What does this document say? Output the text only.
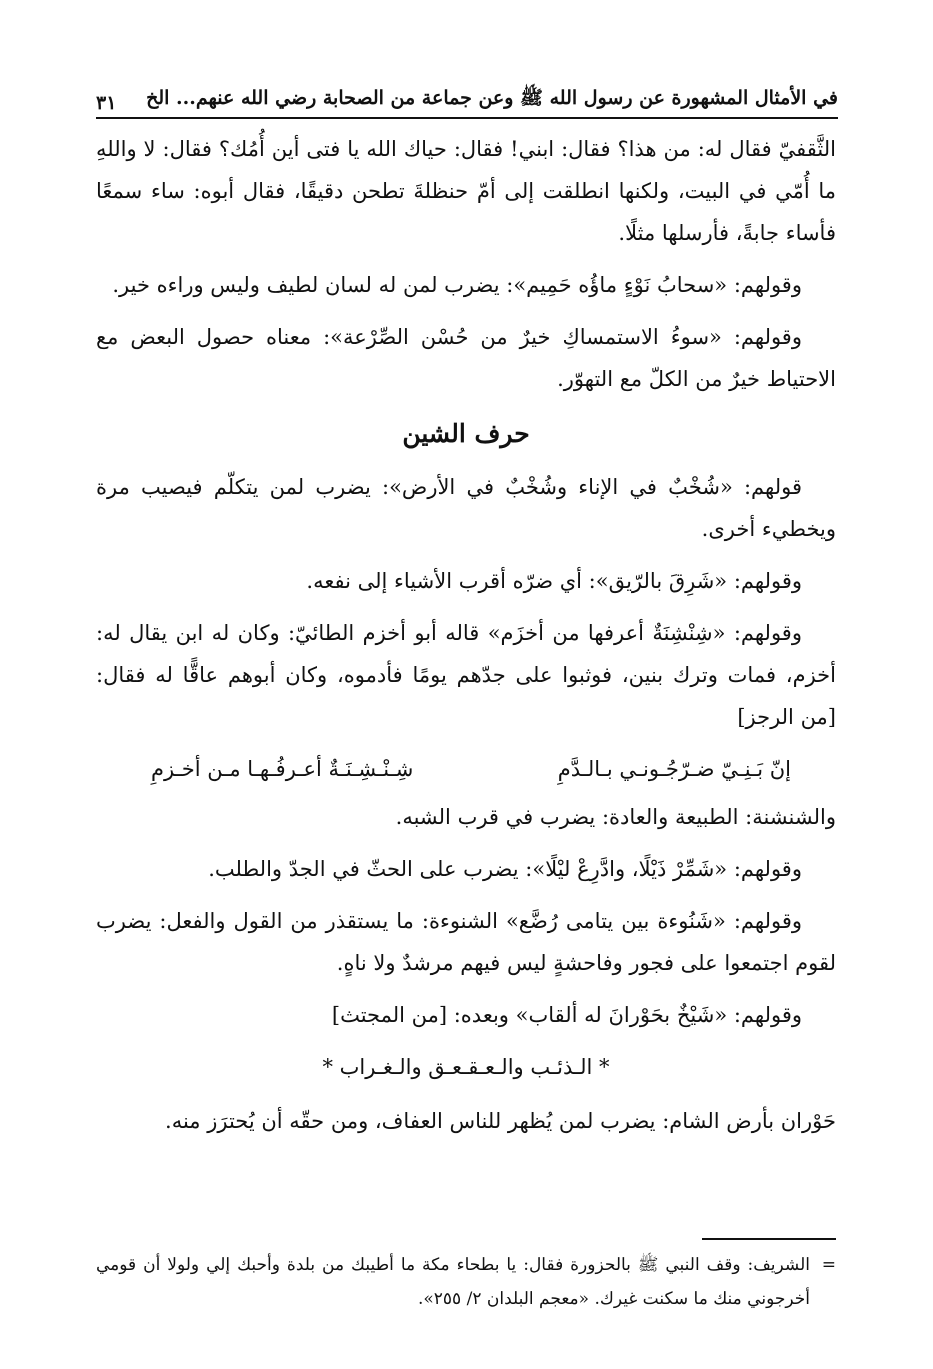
في الأمثال المشهورة عن رسول الله ﷺ وعن جماعة من الصحابة رضي الله عنهم... الخ
٣١

الثَّقفيّ فقال له: من هذا؟ فقال: ابني! فقال: حياك الله يا فتى أين أُمُك؟ فقال: لا واللهِ ما أُمّي في البيت، ولكنها انطلقت إلى أمّ حنظلةَ تطحن دقيقًا، فقال أبوه: ساء سمعًا فأساء جابةً، فأرسلها مثلًا.

وقولهم: «سحابُ نَوْءٍ ماؤُه حَمِيم»: يضرب لمن له لسان لطيف وليس وراءه خير.

وقولهم: «سوءُ الاستمساكِ خيرٌ من حُسْن الصِّرْعة»: معناه حصول البعض مع الاحتياط خيرٌ من الكلّ مع التهوّر.

حرف الشين

قولهم: «شُخْبٌ في الإناء وشُخْبٌ في الأرض»: يضرب لمن يتكلّم فيصيب مرة ويخطيء أخرى.

وقولهم: «شَرِقَ بالرّيق»: أي ضرّه أقرب الأشياء إلى نفعه.

وقولهم: «شِنْشِنَةٌ أعرفها من أخزَم» قاله أبو أخزم الطائيّ: وكان له ابن يقال له: أخزم، فمات وترك بنين، فوثبوا على جدّهم يومًا فأدموه، وكان أبوهم عاقًّا له فقال: [من الرجز]

إنّ بَـنِـيّ ضـرّجُـونـي بـالـدَّمِ
شِـنْـشِـنَـةٌ أعـرفُـهـا مـن أخـزمِ

والشنشنة: الطبيعة والعادة: يضرب في قرب الشبه.

وقولهم: «شَمِّرْ ذَيْلًا، وادَّرِعْ ليْلًا»: يضرب على الحثّ في الجدّ والطلب.

وقولهم: «شَنُوءة بين يتامى رُضَّع» الشنوءة: ما يستقذر من القول والفعل: يضرب لقوم اجتمعوا على فجور وفاحشةٍ ليس فيهم مرشدٌ ولا ناهٍ.

وقولهم: «شَيْخٌ بحَوْرانَ له ألقاب» وبعده: [من المجتث]

* الـذئـب والـعـقـعـق والـغـراب *

حَوْران بأرض الشام: يضرب لمن يُظهر للناس العفاف، ومن حقّه أن يُحترَز منه.

=
الشريف: وقف النبي ﷺ بالحزورة فقال: يا بطحاء مكة ما أطيبك من بلدة وأحبك إلي ولولا أن قومي أخرجوني منك ما سكنت غيرك. «معجم البلدان ٢/ ٢٥٥».
